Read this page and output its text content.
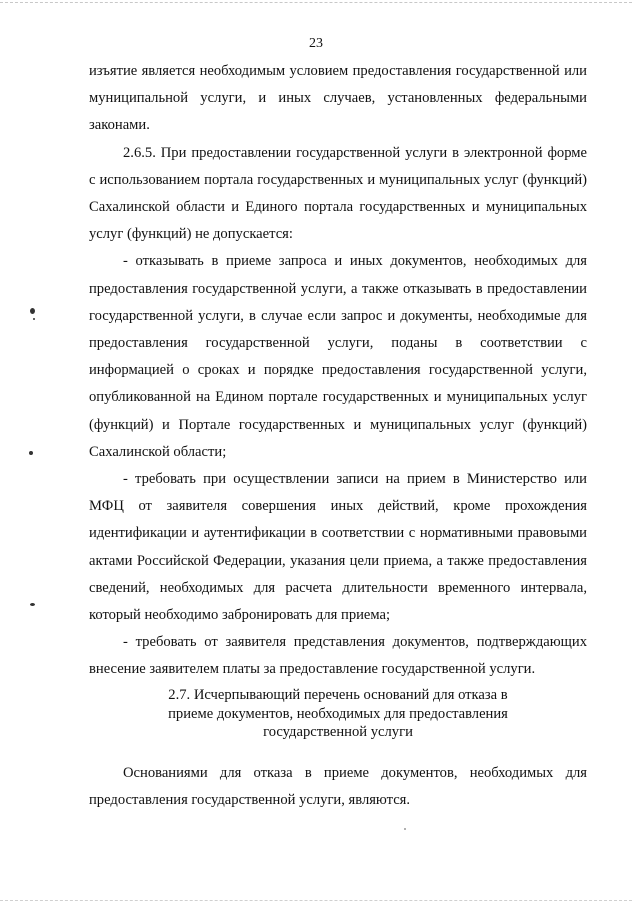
23

изъятие является необходимым условием предоставления государственной или муниципальной услуги, и иных случаев, установленных федеральными законами.

2.6.5. При предоставлении государственной услуги в электронной форме с использованием портала государственных и муниципальных услуг (функций) Сахалинской области и Единого портала государственных и муниципальных услуг (функций) не допускается:

- отказывать в приеме запроса и иных документов, необходимых для предоставления государственной услуги, а также отказывать в предоставлении государственной услуги, в случае если запрос и документы, необходимые для предоставления государственной услуги, поданы в соответствии с информацией о сроках и порядке предоставления государственной услуги, опубликованной на Едином портале государственных и муниципальных услуг (функций) и Портале государственных и муниципальных услуг (функций) Сахалинской области;

- требовать при осуществлении записи на прием в Министерство или МФЦ от заявителя совершения иных действий, кроме прохождения идентификации и аутентификации в соответствии с нормативными правовыми актами Российской Федерации, указания цели приема, а также предоставления сведений, необходимых для расчета длительности временного интервала, который необходимо забронировать для приема;

- требовать от заявителя представления документов, подтверждающих внесение заявителем платы за предоставление государственной услуги.

2.7. Исчерпывающий перечень оснований для отказа в
приеме документов, необходимых для предоставления
государственной услуги

Основаниями для отказа в приеме документов, необходимых для предоставления государственной услуги, являются.
